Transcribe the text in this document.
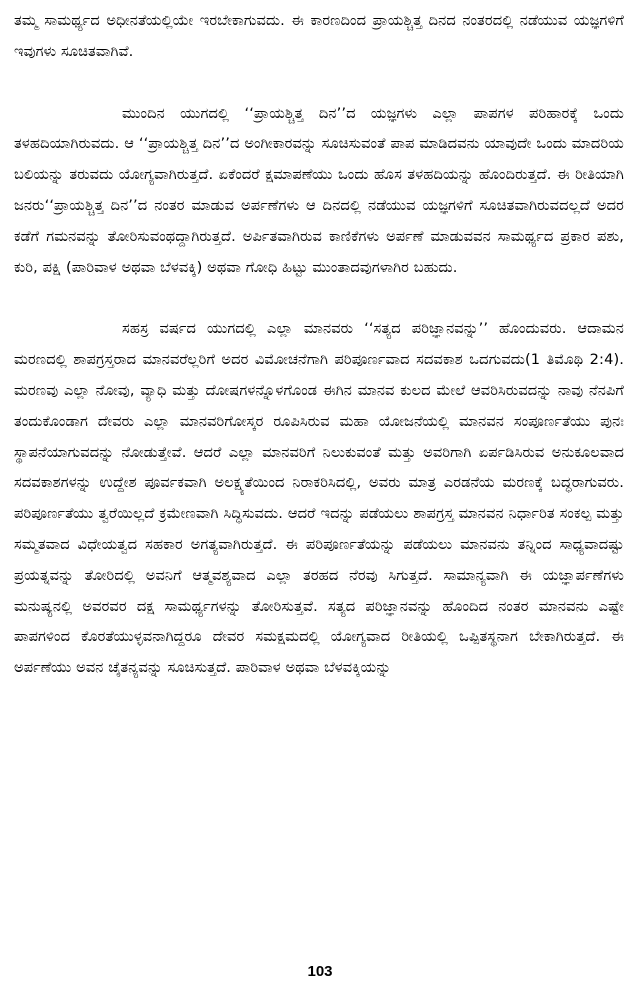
ತಮ್ಮ ಸಾಮರ್ಥ್ಯದ ಅಧೀನತೆಯಲ್ಲಿಯೇ ಇರಬೇಕಾಗುವದು. ಈ ಕಾರಣದಿಂದ ಪ್ರಾಯಶ್ಚಿತ್ತ ದಿನದ ನಂತರದಲ್ಲಿ ನಡೆಯುವ ಯಜ್ಞಗಳಿಗೆ ಇವುಗಳು ಸೂಚಿತವಾಗಿವೆ.

ಮುಂದಿನ ಯುಗದಲ್ಲಿ ‘‘ಪ್ರಾಯಶ್ಚಿತ್ತ ದಿನ’’ದ ಯಜ್ಞಗಳು ಎಲ್ಲಾ ಪಾಪಗಳ ಪರಿಹಾರಕ್ಕೆ ಒಂದು ತಳಹದಿಯಾಗಿರುವದು. ಆ ‘‘ಪ್ರಾಯಶ್ಚಿತ್ತ ದಿನ’’ದ ಅಂಗೀಕಾರವನ್ನು ಸೂಚಿಸುವಂತೆ ಪಾಪ ಮಾಡಿದವನು ಯಾವುದೇ ಒಂದು ಮಾದರಿಯ ಬಲಿಯನ್ನು ತರುವದು ಯೋಗ್ಯವಾಗಿರುತ್ತದೆ. ಏಕೆಂದರೆ ಕ್ಷಮಾಪಣೆಯು ಒಂದು ಹೊಸ ತಳಹದಿಯನ್ನು ಹೊಂದಿರುತ್ತದೆ. ಈ ರೀತಿಯಾಗಿ ಜನರು‘‘ಪ್ರಾಯಶ್ಚಿತ್ತ ದಿನ’’ದ ನಂತರ ಮಾಡುವ ಅರ್ಪಣೆಗಳು ಆ ದಿನದಲ್ಲಿ ನಡೆಯುವ ಯಜ್ಞಗಳಿಗೆ ಸೂಚಿತವಾಗಿರುವದಲ್ಲದೆ ಅದರ ಕಡೆಗೆ ಗಮನವನ್ನು ತೋರಿಸುವಂಥದ್ದಾಗಿರುತ್ತದೆ. ಅರ್ಪಿತವಾಗಿರುವ ಕಾಣಿಕೆಗಳು ಅರ್ಪಣೆ ಮಾಡುವವನ ಸಾಮರ್ಥ್ಯದ ಪ್ರಕಾರ ಪಶು, ಕುರಿ, ಪಕ್ಷಿ (ಪಾರಿವಾಳ ಅಥವಾ ಬೆಳವಕ್ಕಿ) ಅಥವಾ ಗೋಧಿ ಹಿಟ್ಟು ಮುಂತಾದವುಗಳಾಗಿರ ಬಹುದು.

ಸಹಸ್ರ ವರ್ಷದ ಯುಗದಲ್ಲಿ ಎಲ್ಲಾ ಮಾನವರು ‘‘ಸತ್ಯದ ಪರಿಜ್ಞಾನವನ್ನು’’ ಹೊಂದುವರು. ಆದಾಮನ ಮರಣದಲ್ಲಿ ಶಾಪಗ್ರಸ್ತರಾದ ಮಾನವರೆಲ್ಲರಿಗೆ ಅದರ ವಿಮೋಚನೆಗಾಗಿ ಪರಿಪೂರ್ಣವಾದ ಸದವಕಾಶ ಒದಗುವದು(1 ತಿಮೊಥಿ 2:4). ಮರಣವು ಎಲ್ಲಾ ನೋವು, ವ್ಯಾಧಿ ಮತ್ತು ದೋಷಗಳನ್ನೊಳಗೊಂಡ ಈಗಿನ ಮಾನವ ಕುಲದ ಮೇಲೆ ಆವರಿಸಿರುವದನ್ನು ನಾವು ನೆನಪಿಗೆ ತಂದುಕೊಂಡಾಗ ದೇವರು ಎಲ್ಲಾ ಮಾನವರಿಗೋಸ್ಕರ ರೂಪಿಸಿರುವ ಮಹಾ ಯೋಜನೆಯಲ್ಲಿ ಮಾನವನ ಸಂಪೂರ್ಣತೆಯು ಪುನಃ ಸ್ಥಾಪನೆಯಾಗುವದನ್ನು ನೋಡುತ್ತೇವೆ. ಆದರೆ ಎಲ್ಲಾ ಮಾನವರಿಗೆ ನಿಲುಕುವಂತೆ ಮತ್ತು ಅವರಿಗಾಗಿ ಏರ್ಪಡಿಸಿರುವ ಅನುಕೂಲವಾದ ಸದವಕಾಶಗಳನ್ನು ಉದ್ದೇಶ ಪೂರ್ವಕವಾಗಿ ಅಲಕ್ಷ್ಯತೆಯಿಂದ ನಿರಾಕರಿಸಿದಲ್ಲಿ, ಅವರು ಮಾತ್ರ ಎರಡನೆಯ ಮರಣಕ್ಕೆ ಬದ್ಧರಾಗುವರು. ಪರಿಪೂರ್ಣತೆಯು ತ್ವರೆಯಿಲ್ಲದೆ ಕ್ರಮೇಣವಾಗಿ ಸಿದ್ಧಿಸುವದು. ಆದರೆ ಇದನ್ನು ಪಡೆಯಲು ಶಾಪಗ್ರಸ್ತ ಮಾನವನ ನಿರ್ಧಾರಿತ ಸಂಕಲ್ಪ ಮತ್ತು ಸಮ್ಮತವಾದ ವಿಧೇಯತ್ವದ ಸಹಕಾರ ಅಗತ್ಯವಾಗಿರುತ್ತದೆ. ಈ ಪರಿಪೂರ್ಣತೆಯನ್ನು ಪಡೆಯಲು ಮಾನವನು ತನ್ನಿಂದ ಸಾಧ್ಯವಾದಷ್ಟು ಪ್ರಯತ್ನವನ್ನು ತೋರಿದಲ್ಲಿ ಅವನಿಗೆ ಆತ್ಮವಶ್ಯವಾದ ಎಲ್ಲಾ ತರಹದ ನೆರವು ಸಿಗುತ್ತದೆ. ಸಾಮಾನ್ಯವಾಗಿ ಈ ಯಜ್ಞಾರ್ಪಣೆಗಳು ಮನುಷ್ಯನಲ್ಲಿ ಅವರವರ ದಕ್ಷ ಸಾಮರ್ಥ್ಯಗಳನ್ನು ತೋರಿಸುತ್ತವೆ. ಸತ್ಯದ ಪರಿಜ್ಞಾನವನ್ನು ಹೊಂದಿದ ನಂತರ ಮಾನವನು ಎಷ್ಟೇ ಪಾಪಗಳಿಂದ ಕೊರತೆಯುಳ್ಳವನಾಗಿದ್ದರೂ ದೇವರ ಸಮಕ್ಷಮದಲ್ಲಿ ಯೋಗ್ಯವಾದ ರೀತಿಯಲ್ಲಿ ಒಪ್ಪಿತಸ್ಥನಾಗ ಬೇಕಾಗಿರುತ್ತದೆ. ಈ ಅರ್ಪಣೆಯು ಅವನ ಚೈತನ್ಯವನ್ನು ಸೂಚಿಸುತ್ತದೆ. ಪಾರಿವಾಳ ಅಥವಾ ಬೆಳವಕ್ಕಿಯನ್ನು

103
